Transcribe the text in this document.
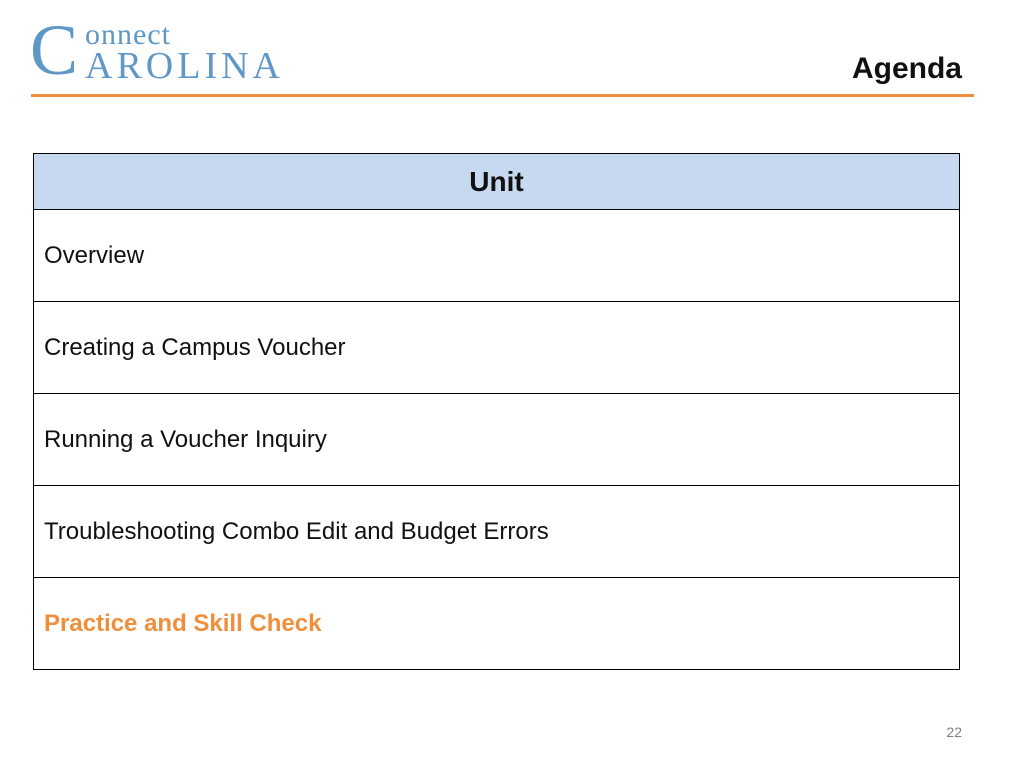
C onnect
AROLINA	Agenda
Unit
Overview
Creating a Campus Voucher
Running a Voucher Inquiry
Troubleshooting Combo Edit and Budget Errors
Practice and Skill Check
22
